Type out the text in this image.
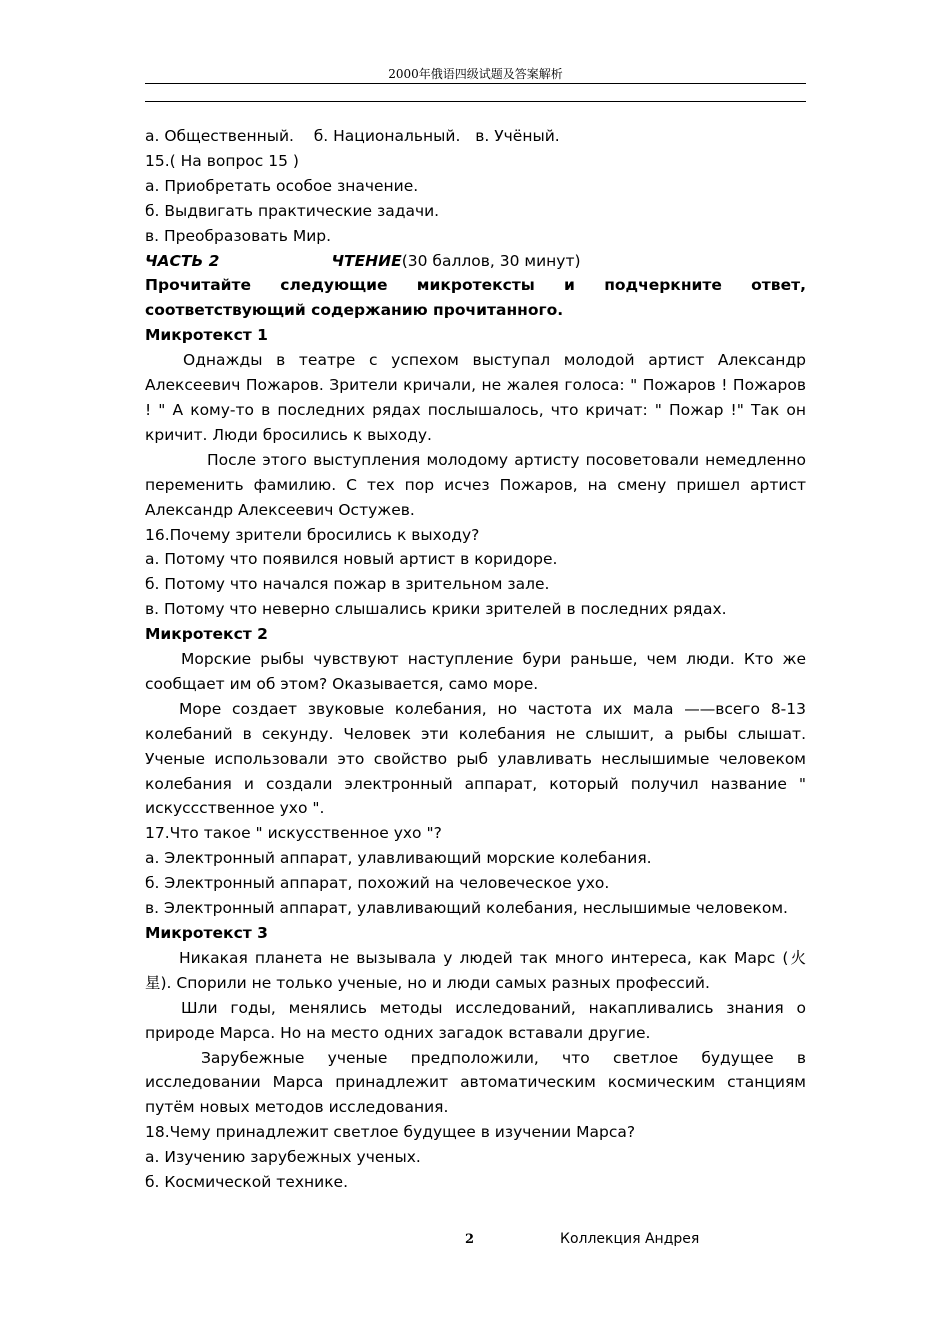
2000年俄语四级试题及答案解析

а. Общественный. б. Национальный. в. Учёный.

15.( На вопрос 15 )

а. Приобретать особое значение.

б. Выдвигать практические задачи.

в. Преобразовать Мир.

ЧАСТЬ 2	ЧТЕНИЕ(30 баллов, 30 минут)

Прочитайте следующие микротексты и подчеркните ответ, соответствующий содержанию прочитанного.

Микротекст 1

Однажды в театре с успехом выступал молодой артист Александр Алексеевич Пожаров. Зрители кричали, не жалея голоса: " Пожаров ! Пожаров ! " А кому-то в последних рядах послышалось, что кричат: " Пожар !" Так он кричит. Люди бросились к выходу.

После этого выступления молодому артисту посоветовали немедленно переменить фамилию. С тех пор исчез Пожаров, на смену пришел артист Александр Алексеевич Остужев.

16.Почему зрители бросились к выходу?

а. Потому что появился новый артист в коридоре.

б. Потому что начался пожар в зрительном зале.

в. Потому что неверно слышались крики зрителей в последних рядах.

Микротекст 2

Морские рыбы чувствуют наступление бури раньше, чем люди. Кто же сообщает им об этом? Оказывается, само море.

Море создает звуковые колебания, но частота их мала ——всего 8-13 колебаний в секунду. Человек эти колебания не слышит, а рыбы слышат. Ученые использовали это свойство рыб улавливать неслышимые человеком колебания и создали электронный аппарат, который получил название " искуccственное ухо ".

17.Что такое " искусственное ухо "?

а. Электронный аппарат, улавливающий морские колебания.

б. Электронный аппарат, похожий на человеческое ухо.

в. Электронный аппарат, улавливающий колебания, неслышимые человеком.

Микротекст 3

Никакая планета не вызывала у людей так много интереса, как Марс (火星). Спорили не только ученые, но и люди самых разных профессий.

Шли годы, менялись методы исследований, накапливались знания о природе Марса. Но на место одних загадок вставали другие.

Зарубежные ученые предположили, что светлое будущее в исследовании Марса принадлежит автоматическим космическим станциям путём новых методов исследования.

18.Чему принадлежит светлое будущее в изучении Марса?

а. Изучению зарубежных ученых.

б. Космической технике.

2	Коллекция Андрея
